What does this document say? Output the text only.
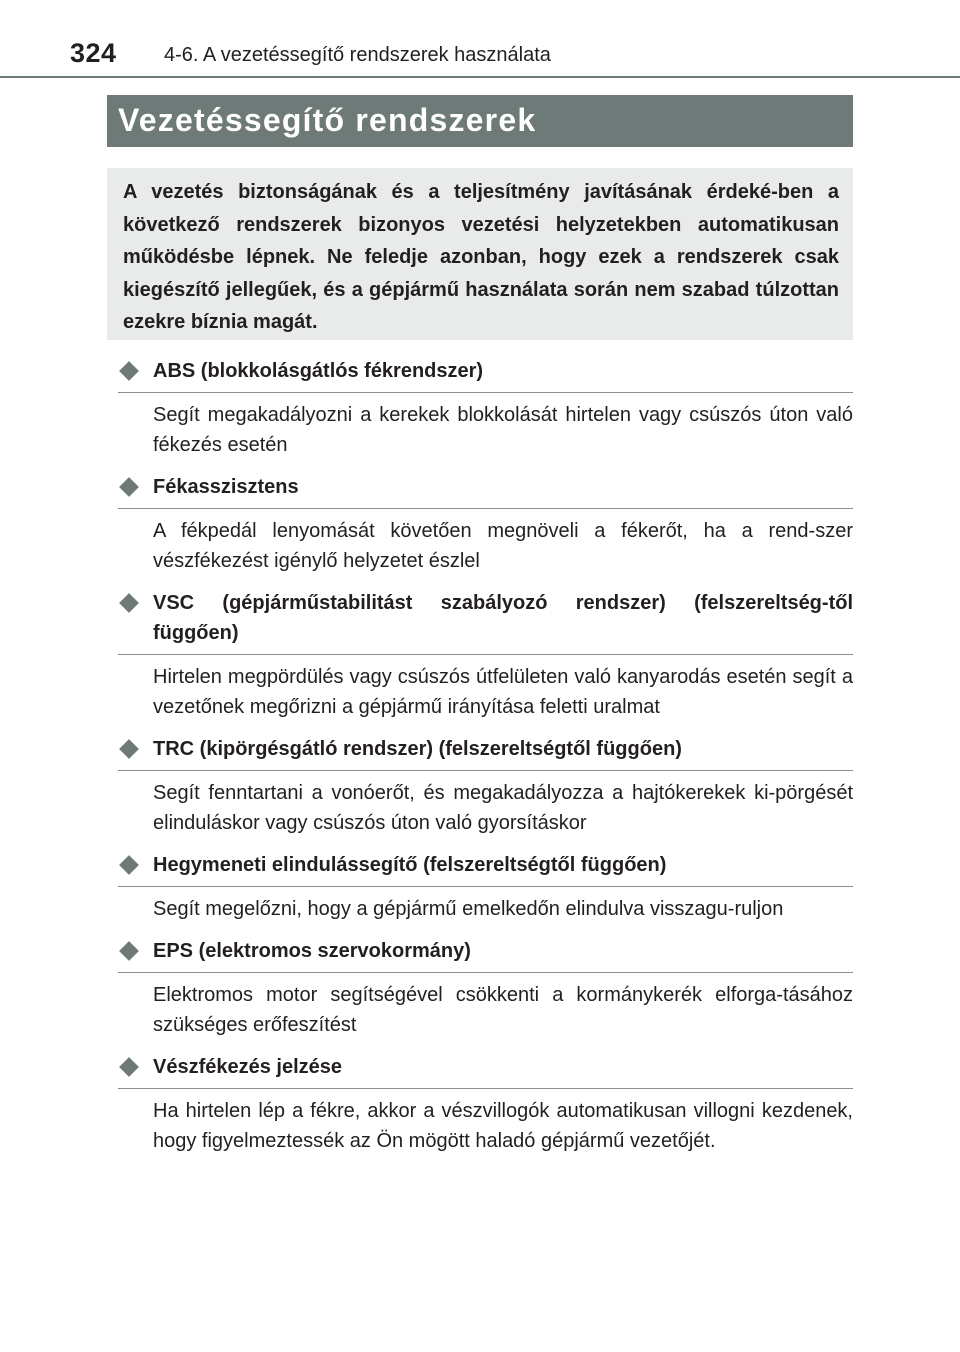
324 4-6. A vezetéssegítő rendszerek használata
Vezetéssegítő rendszerek
A vezetés biztonságának és a teljesítmény javításának érdeké-ben a következő rendszerek bizonyos vezetési helyzetekben automatikusan működésbe lépnek. Ne feledje azonban, hogy ezek a rendszerek csak kiegészítő jellegűek, és a gépjármű használata során nem szabad túlzottan ezekre bíznia magát.
ABS (blokkolásgátlós fékrendszer)
Segít megakadályozni a kerekek blokkolását hirtelen vagy csúszós úton való fékezés esetén
Fékasszisztens
A fékpedál lenyomását követően megnöveli a fékerőt, ha a rend-szer vészfékezést igénylő helyzetet észlel
VSC (gépjárműstabilitást szabályozó rendszer) (felszereltség-től függően)
Hirtelen megpördülés vagy csúszós útfelületen való kanyarodás esetén segít a vezetőnek megőrizni a gépjármű irányítása feletti uralmat
TRC (kipörgésgátló rendszer) (felszereltségtől függően)
Segít fenntartani a vonóerőt, és megakadályozza a hajtókerekek ki-pörgését elinduláskor vagy csúszós úton való gyorsításkor
Hegymeneti elindulássegítő (felszereltségtől függően)
Segít megelőzni, hogy a gépjármű emelkedőn elindulva visszagu-ruljon
EPS (elektromos szervokormány)
Elektromos motor segítségével csökkenti a kormánykerék elforga-tásához szükséges erőfeszítést
Vészfékezés jelzése
Ha hirtelen lép a fékre, akkor a vészvillogók automatikusan villogni kezdenek, hogy figyelmeztessék az Ön mögött haladó gépjármű vezetőjét.
